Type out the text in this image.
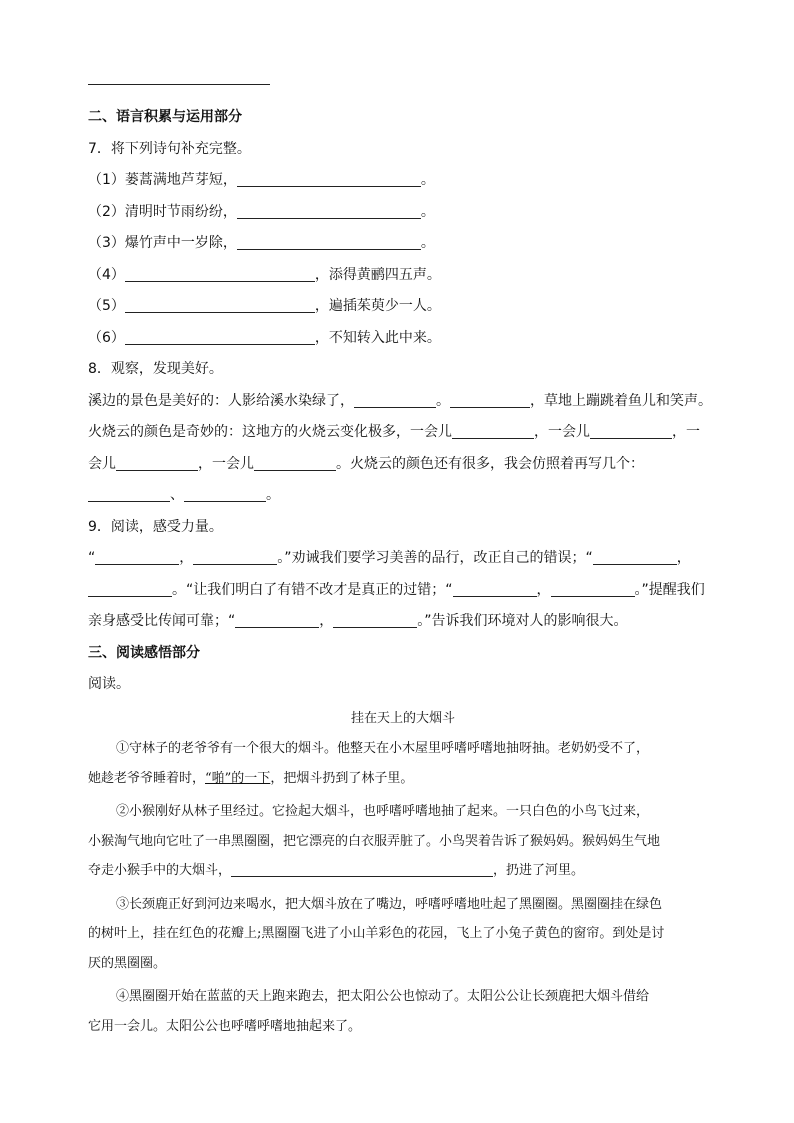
二、语言积累与运用部分
7．将下列诗句补充完整。
（1）蒌蒿满地芦芽短，	。
（2）清明时节雨纷纷，	。
（3）爆竹声中一岁除，	。
（4）	，添得黄鹂四五声。
（5）	，遍插茱萸少一人。
（6）	，不知转入此中来。
8．观察，发现美好。
溪边的景色是美好的：人影给溪水染绿了，	。	，草地上蹦跳着鱼儿和笑声。
火烧云的颜色是奇妙的：这地方的火烧云变化极多，一会儿	，一会儿	，一
会儿	，一会儿	。火烧云的颜色还有很多，我会仿照着再写几个：
、	。
9．阅读，感受力量。
“	，	。”劝诫我们要学习美善的品行，改正自己的错误；“	，
。“让我们明白了有错不改才是真正的过错；“	，	。”提醒我们
亲身感受比传闻可靠；“	，	。”告诉我们环境对人的影响很大。
三、阅读感悟部分
阅读。
挂在天上的大烟斗
①守林子的老爷爷有一个很大的烟斗。他整天在小木屋里呼嗜呼嗜地抽呀抽。老奶奶受不了，
她趁老爷爷睡着时，“啪”的一下，把烟斗扔到了林子里。
②小猴刚好从林子里经过。它捡起大烟斗，也呼嗜呼嗜地抽了起来。一只白色的小鸟飞过来，
小猴淘气地向它吐了一串黑圈圈，把它漂亮的白衣服弄脏了。小鸟哭着告诉了猴妈妈。猴妈妈生气地
夺走小猴手中的大烟斗，	，扔进了河里。
③长颈鹿正好到河边来喝水，把大烟斗放在了嘴边，呼嗜呼嗜地吐起了黑圈圈。黑圈圈挂在绿色
的树叶上，挂在红色的花瓣上;黑圈圈飞进了小山羊彩色的花园，飞上了小兔子黄色的窗帘。到处是讨
厌的黑圈圈。
④黑圈圈开始在蓝蓝的天上跑来跑去，把太阳公公也惊动了。太阳公公让长颈鹿把大烟斗借给
它用一会儿。太阳公公也呼嗜呼嗜地抽起来了。
